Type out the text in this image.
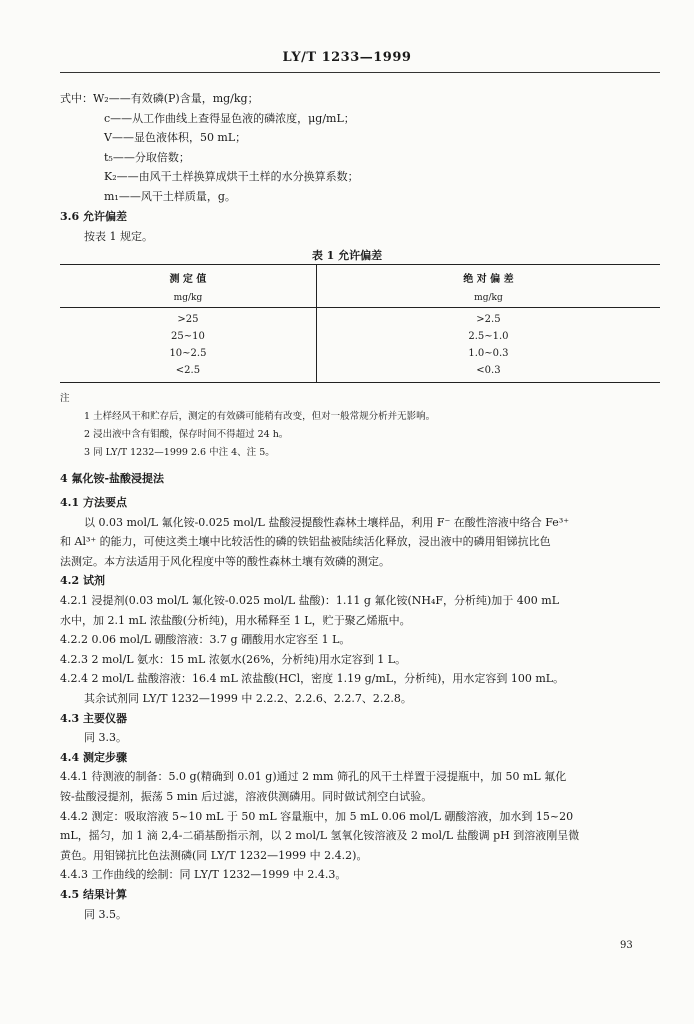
LY/T 1233—1999
式中：W₂——有效磷(P)含量，mg/kg；
c——从工作曲线上查得显色液的磷浓度，μg/mL；
V——显色液体积，50 mL；
t₅——分取倍数；
K₂——由风干土样换算成烘干土样的水分换算系数；
m₁——风干土样质量，g。
3.6 允许偏差
按表 1 规定。
表 1 允许偏差
测 定 值	绝 对 偏 差
mg/kg	mg/kg
>25	>2.5
25~10	2.5~1.0
10~2.5	1.0~0.3
<2.5	<0.3
注
1 土样经风干和贮存后，测定的有效磷可能稍有改变，但对一般常规分析并无影响。
2 浸出液中含有钼酸，保存时间不得超过 24 h。
3 同 LY/T 1232—1999 2.6 中注 4、注 5。
4 氟化铵-盐酸浸提法
4.1 方法要点
以 0.03 mol/L 氟化铵-0.025 mol/L 盐酸浸提酸性森林土壤样品，利用 F⁻ 在酸性溶液中络合 Fe³⁺
和 Al³⁺ 的能力，可使这类土壤中比较活性的磷的铁铝盐被陆续活化释放，浸出液中的磷用钼锑抗比色
法测定。本方法适用于风化程度中等的酸性森林土壤有效磷的测定。
4.2 试剂
4.2.1 浸提剂(0.03 mol/L 氟化铵-0.025 mol/L 盐酸)：1.11 g 氟化铵(NH₄F，分析纯)加于 400 mL
水中，加 2.1 mL 浓盐酸(分析纯)，用水稀释至 1 L，贮于聚乙烯瓶中。
4.2.2 0.06 mol/L 硼酸溶液：3.7 g 硼酸用水定容至 1 L。
4.2.3 2 mol/L 氨水：15 mL 浓氨水(26%，分析纯)用水定容到 1 L。
4.2.4 2 mol/L 盐酸溶液：16.4 mL 浓盐酸(HCl，密度 1.19 g/mL，分析纯)，用水定容到 100 mL。
其余试剂同 LY/T 1232—1999 中 2.2.2、2.2.6、2.2.7、2.2.8。
4.3 主要仪器
同 3.3。
4.4 测定步骤
4.4.1 待测液的制备：5.0 g(精确到 0.01 g)通过 2 mm 筛孔的风干土样置于浸提瓶中，加 50 mL 氟化
铵-盐酸浸提剂，振荡 5 min 后过滤，溶液供测磷用。同时做试剂空白试验。
4.4.2 测定：吸取溶液 5~10 mL 于 50 mL 容量瓶中，加 5 mL 0.06 mol/L 硼酸溶液，加水到 15~20
mL，摇匀，加 1 滴 2,4-二硝基酚指示剂，以 2 mol/L 氢氧化铵溶液及 2 mol/L 盐酸调 pH 到溶液刚呈微
黄色。用钼锑抗比色法测磷(同 LY/T 1232—1999 中 2.4.2)。
4.4.3 工作曲线的绘制：同 LY/T 1232—1999 中 2.4.3。
4.5 结果计算
同 3.5。
93
